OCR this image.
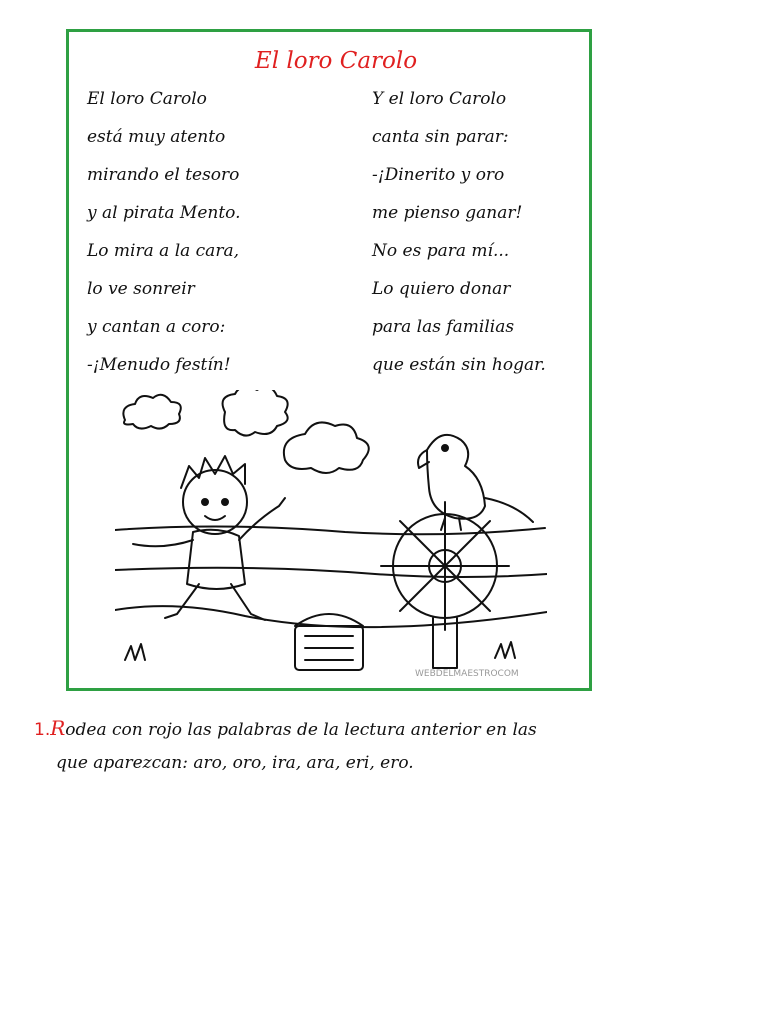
El loro Carolo
El loro Carolo
está muy atento
mirando el tesoro
y al pirata Mento.
Lo mira a la cara,
lo ve sonreir
y cantan a coro:
-¡Menudo festín!
Y el loro Carolo
canta sin parar:
-¡Dinerito y oro
me pienso ganar!
No es para mí...
Lo quiero donar
para las familias
que están sin hogar.
WEBDELMAESTROCOM
1.Rodea con rojo las palabras de la lectura anterior en las
que aparezcan: aro, oro, ira, ara, eri, ero.
